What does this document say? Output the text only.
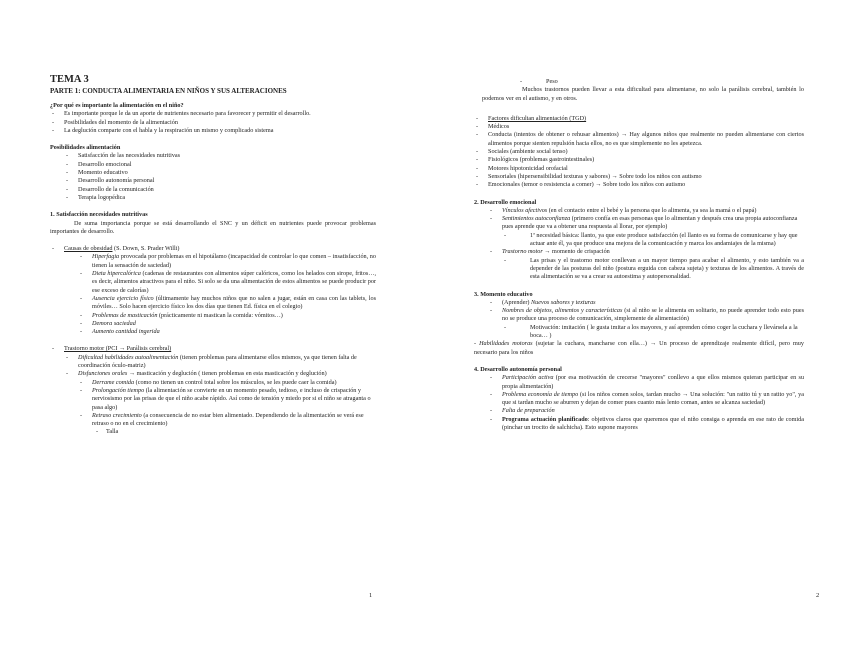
TEMA 3
PARTE 1: CONDUCTA ALIMENTARIA EN NIÑOS Y SUS ALTERACIONES
¿Por qué es importante la alimentación en el niño?
- Es importante porque le da un aporte de nutrientes necesario para favorecer y permitir el desarrollo.
- Posibilidades del momento de la alimentación
- La deglución comparte con el habla y la respiración un mismo y complicado sistema
Posibilidades alimentación
- Satisfacción de las necesidades nutritivas
- Desarrollo emocional
- Momento educativo
- Desarrollo autonomía personal
- Desarrollo de la comunicación
- Terapia logopédica
1. Satisfacción necesidades nutritivas

De suma importancia porque se está desarrollando el SNC y un déficit en nutrientes puede provocar problemas importantes de desarrollo.

- Causas de obesidad (S. Down, S. Prader Willi)
- Hiperfagia provocada por problemas en el hipotálamo (incapacidad de controlar lo que comen – insatisfacción, no tienen la sensación de saciedad)
- Dieta hipercalórica (cadenas de restaurantes con alimentos súper calóricos, como los helados con sirope, fritos…, es decir, alimentos atractivos para el niño. Si solo se da una alimentación de estos alimentos se puede producir por ese exceso de calorías)
- Ausencia ejercicio físico (últimamente hay muchos niños que no salen a jugar, están en casa con las tablets, los móviles… Solo hacen ejercicio físico los dos días que tienen Ed. física en el colegio)
- Problemas de masticación (prácticamente ni mastican la comida: vómitos…)
- Demora saciedad
- Aumento cantidad ingerida
- Trastorno motor (PCI → Parálisis cerebral)
- Dificultad habilidades autoalimentación (tienen problemas para alimentarse ellos mismos, ya que tienen falta de coordinación óculo-matriz)
- Disfunciones orales → masticación y deglución ( tienen problemas en esta masticación y deglución)
- Derrame comida (como no tienen un control total sobre los músculos, se les puede caer la comida)
- Prolongación tiempo (la alimentación se convierte en un momento pesado, tedioso, e incluso de crispación y nerviosismo por las prisas de que el niño acabe rápido. Así como de tensión y miedo por si el niño se atraganta o pasa algo)
- Retraso crecimiento (a consecuencia de no estar bien alimentado. Dependiendo de la alimentación se verá ese retraso o no en el crecimiento)
- Talla
1
- Peso

Muchos trastornos pueden llevar a esta dificultad para alimentarse, no solo la parálisis cerebral, también lo podemos ver en el autismo, y en otros.

- Factores dificultan alimentación (TGD)
- Médicos
- Conducta (intentos de obtener o rehusar alimentos) → Hay algunos niños que realmente no pueden alimentarse con ciertos alimentos porque sienten repulsión hacia ellos, no es que simplemente no les apetezca.
- Sociales (ambiente social tenso)
- Fisiológicos (problemas gastrointestinales)
- Motores hipotonicidad orofacial
- Sensoriales (hipersensibilidad texturas y sabores) → Sobre todo los niños con autismo
- Emocionales (temor o resistencia a comer) → Sobre todo los niños con autismo
2. Desarrollo emocional
- Vínculos afectivos (en el contacto entre el bebé y la persona que lo alimenta, ya sea la mamá o el papá)
- Sentimientos autoconfianza (primero confía en esas personas que lo alimentan y después crea una propia autoconfianza pues aprende que va a obtener una respuesta al llorar, por ejemplo)
- 1ª necesidad básica: llanto, ya que este produce satisfacción (el llanto es su forma de comunicarse y hay que actuar ante él, ya que produce una mejora de la comunicación y marca los andamiajes de la misma)
- Trastorno motor → momento de crispación
- Las prisas y el trastorno motor conllevan a un mayor tiempo para acabar el alimento, y esto también va a depender de las posturas del niño (postura erguida con cabeza sujeta) y texturas de los alimentos. A través de esta alimentación se va a crear su autoestima y autopersonalidad.
3. Momento educativo
- (Aprender) Nuevos sabores y texturas
- Nombres de objetos, alimentos y características (si al niño se le alimenta en solitario, no puede aprender todo esto pues no se produce una proceso de comunicación, simplemente de alimentación)
- Motivación: imitación ( le gusta imitar a los mayores, y así aprenden cómo coger la cuchara y llevársela a la boca… )

- Habilidades motoras (sujetar la cuchara, mancharse con ella…) → Un proceso de aprendizaje realmente difícil, pero muy necesario para los niños

4. Desarrollo autonomía personal
- Participación activa (por esa motivación de crecerse "mayores" conllevo a que ellos mismos quieran participar en su propia alimentación)
- Problema economía de tiempo (si los niños comen solos, tardan mucho → Una solución: "un ratito tú y un ratito yo", ya que si tardan mucho se aburren y dejan de comer pues cuanto más lento coman, antes se alcanza saciedad)
- Falta de preparación
- Programa actuación planificado: objetivos claros que queremos que el niño consiga o aprenda en ese rato de comida (pinchar un trocito de salchicha). Esto supone mayores
2
